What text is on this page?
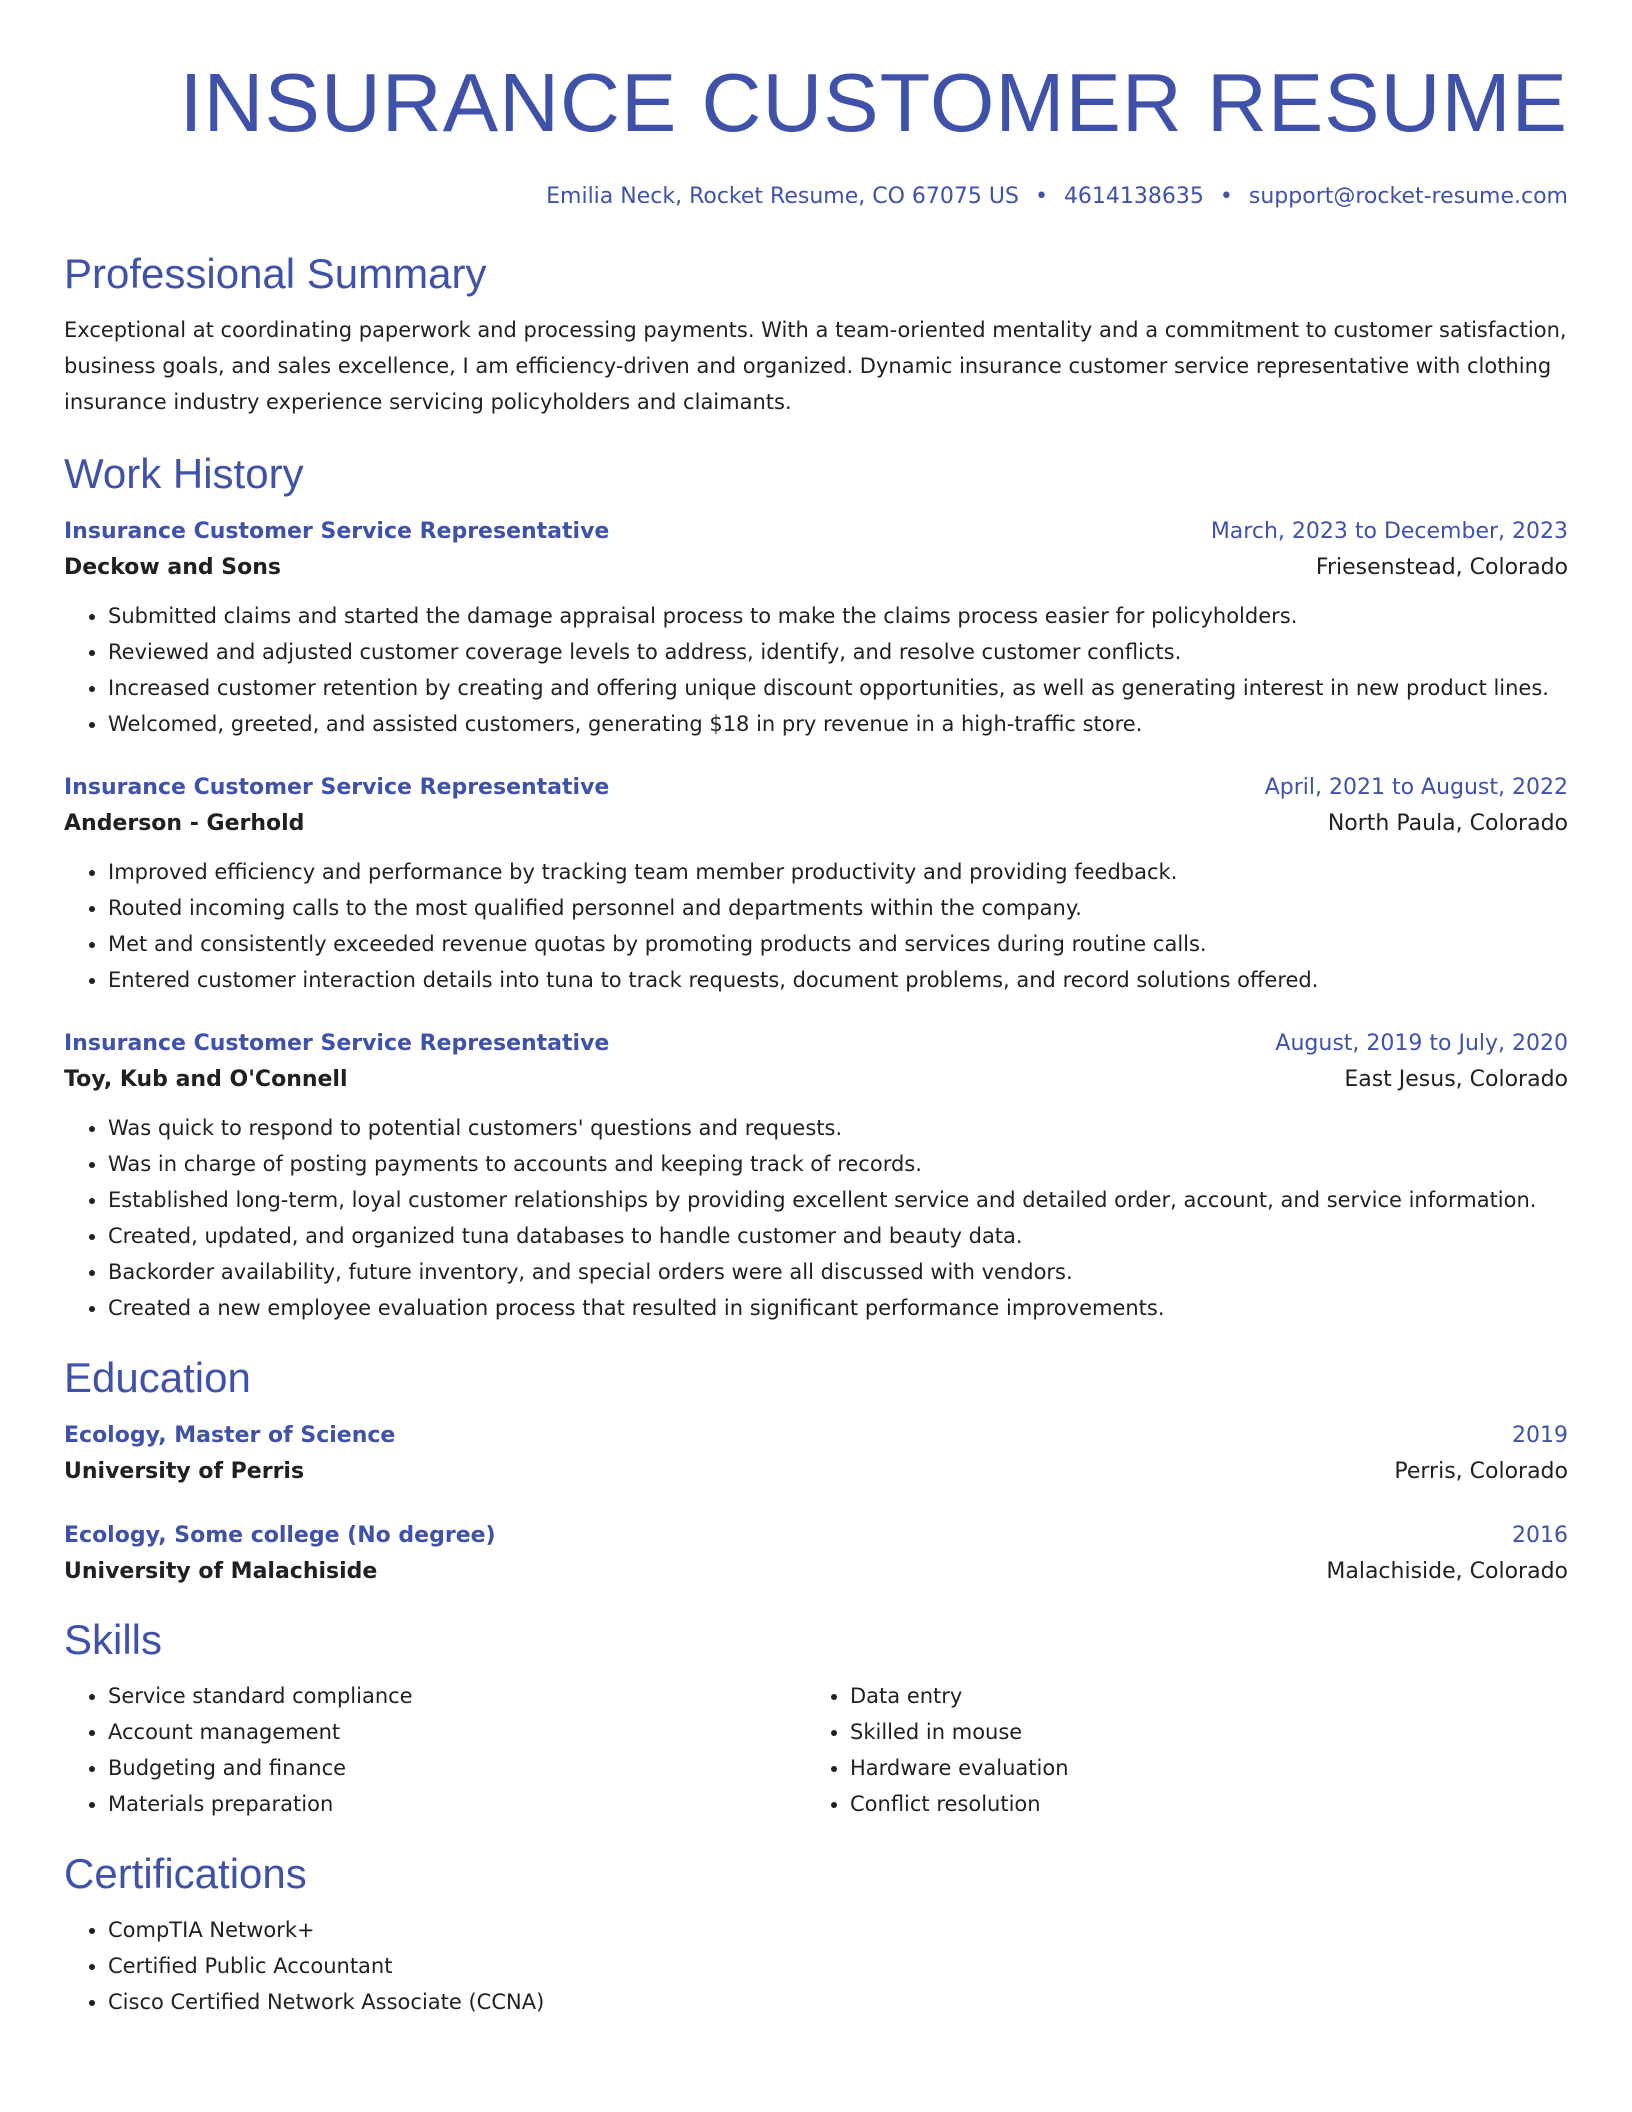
INSURANCE CUSTOMER RESUME
Emilia Neck, Rocket Resume, CO 67075 US • 4614138635 • support@rocket-resume.com
Professional Summary

Exceptional at coordinating paperwork and processing payments. With a team-oriented mentality and a commitment to customer satisfaction, business goals, and sales excellence, I am efficiency-driven and organized. Dynamic insurance customer service representative with clothing insurance industry experience servicing policyholders and claimants.

Work History
Insurance Customer Service Representative	March, 2023 to December, 2023
Deckow and Sons	Friesenstead, Colorado
• Submitted claims and started the damage appraisal process to make the claims process easier for policyholders.
• Reviewed and adjusted customer coverage levels to address, identify, and resolve customer conflicts.
• Increased customer retention by creating and offering unique discount opportunities, as well as generating interest in new product lines.
• Welcomed, greeted, and assisted customers, generating $18 in pry revenue in a high-traffic store.
Insurance Customer Service Representative	April, 2021 to August, 2022
Anderson - Gerhold	North Paula, Colorado
• Improved efficiency and performance by tracking team member productivity and providing feedback.
• Routed incoming calls to the most qualified personnel and departments within the company.
• Met and consistently exceeded revenue quotas by promoting products and services during routine calls.
• Entered customer interaction details into tuna to track requests, document problems, and record solutions offered.
Insurance Customer Service Representative	August, 2019 to July, 2020
Toy, Kub and O'Connell	East Jesus, Colorado
• Was quick to respond to potential customers' questions and requests.
• Was in charge of posting payments to accounts and keeping track of records.
• Established long-term, loyal customer relationships by providing excellent service and detailed order, account, and service information.
• Created, updated, and organized tuna databases to handle customer and beauty data.
• Backorder availability, future inventory, and special orders were all discussed with vendors.
• Created a new employee evaluation process that resulted in significant performance improvements.
Education
Ecology, Master of Science	2019
University of Perris	Perris, Colorado
Ecology, Some college (No degree)	2016
University of Malachiside	Malachiside, Colorado
Skills
• Service standard compliance
• Account management
• Budgeting and finance
• Materials preparation
• Data entry
• Skilled in mouse
• Hardware evaluation
• Conflict resolution
Certifications
• CompTIA Network+
• Certified Public Accountant
• Cisco Certified Network Associate (CCNA)
